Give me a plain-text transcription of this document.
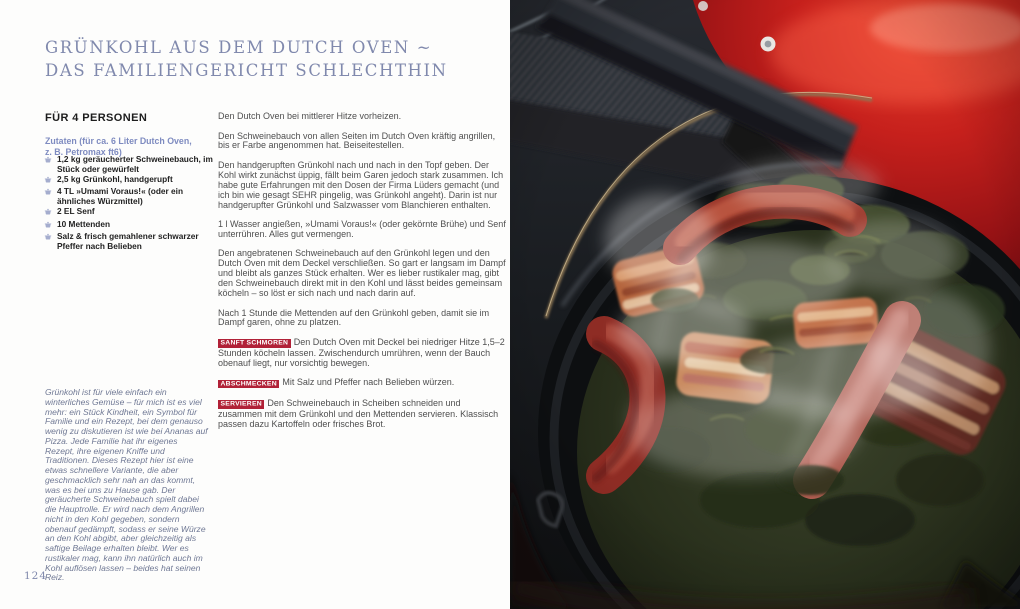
GRÜNKOHL AUS DEM DUTCH OVEN ~
DAS FAMILIENGERICHT SCHLECHTHIN
FÜR 4 PERSONEN
Zutaten (für ca. 6 Liter Dutch Oven,
z. B. Petromax ft6)
1,2 kg geräucherter Schweinebauch, im Stück oder gewürfelt
2,5 kg Grünkohl, handgerupft
4 TL »Umami Voraus!« (oder ein ähnliches Würzmittel)
2 EL Senf
10 Mettenden
Salz & frisch gemahlener schwarzer Pfeffer nach Belieben
Grünkohl ist für viele einfach ein winterliches Gemüse – für mich ist es viel mehr: ein Stück Kindheit, ein Symbol für Familie und ein Rezept, bei dem genauso wenig zu diskutieren ist wie bei Ananas auf Pizza. Jede Familie hat ihr eigenes Rezept, ihre eigenen Kniffe und Traditionen. Dieses Rezept hier ist eine etwas schnellere Variante, die aber geschmacklich sehr nah an das kommt, was es bei uns zu Hause gab. Der geräucherte Schweinebauch spielt dabei die Hauptrolle. Er wird nach dem Angrillen nicht in den Kohl gegeben, sondern obenauf gedämpft, sodass er seine Würze an den Kohl abgibt, aber gleichzeitig als saftige Beilage erhalten bleibt. Wer es rustikaler mag, kann ihn natürlich auch im Kohl auflösen lassen – beides hat seinen Reiz.
124

Den Dutch Oven bei mittlerer Hitze vorheizen.

Den Schweinebauch von allen Seiten im Dutch Oven kräftig angrillen, bis er Farbe angenommen hat. Beiseitestellen.

Den handgerupften Grünkohl nach und nach in den Topf geben. Der Kohl wirkt zunächst üppig, fällt beim Garen jedoch stark zusammen. Ich habe gute Erfahrungen mit den Dosen der Firma Lüders gemacht (und ich bin wie gesagt SEHR pingelig, was Grünkohl angeht). Darin ist nur handgerupfter Grünkohl und Salzwasser vom Blanchieren enthalten.

1 l Wasser angießen, »Umami Voraus!« (oder gekörnte Brühe) und Senf unterrühren. Alles gut vermengen.

Den angebratenen Schweinebauch auf den Grünkohl legen und den Dutch Oven mit dem Deckel verschließen. So gart er langsam im Dampf und bleibt als ganzes Stück erhalten. Wer es lieber rustikaler mag, gibt den Schweinebauch direkt mit in den Kohl und lässt beides gemeinsam köcheln – so löst er sich nach und nach darin auf.

Nach 1 Stunde die Mettenden auf den Grünkohl geben, damit sie im Dampf garen, ohne zu platzen.

SANFT SCHMOREN Den Dutch Oven mit Deckel bei niedriger Hitze 1,5–2 Stunden köcheln lassen. Zwischendurch umrühren, wenn der Bauch obenauf liegt, nur vorsichtig bewegen.

ABSCHMECKEN Mit Salz und Pfeffer nach Belieben würzen.

SERVIEREN Den Schweinebauch in Scheiben schneiden und zusammen mit dem Grünkohl und den Mettenden servieren. Klassisch passen dazu Kartoffeln oder frisches Brot.
